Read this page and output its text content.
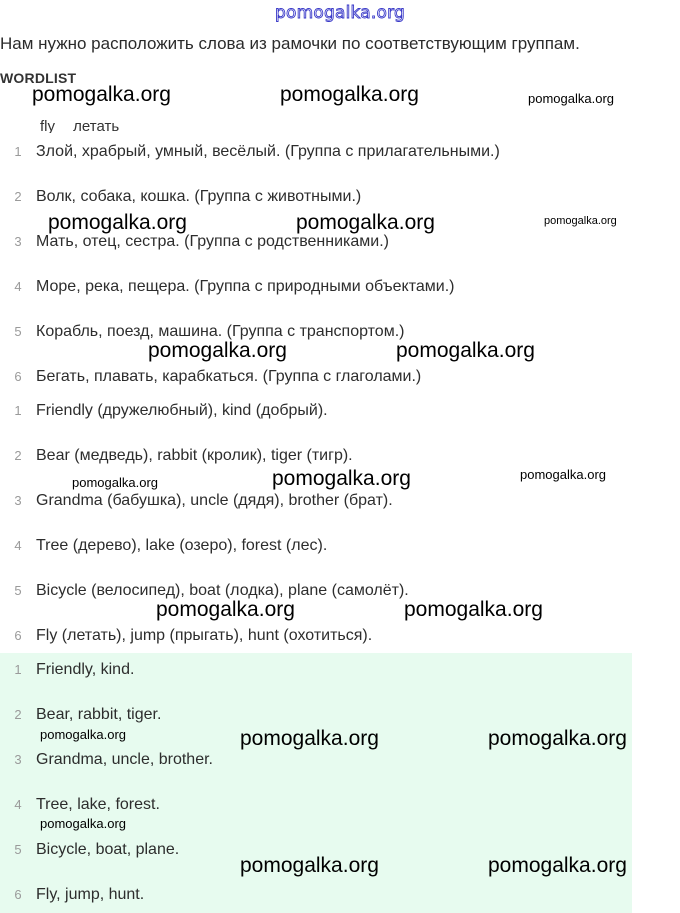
pomogalka.org
Нам нужно расположить слова из рамочки по соответствующим группам.
WORDLIST
fly летать
1 Злой, храбрый, умный, весёлый. (Группа с прилагательными.)
2 Волк, собака, кошка. (Группа с животными.)
3 Мать, отец, сестра. (Группа с родственниками.)
4 Море, река, пещера. (Группа с природными объектами.)
5 Корабль, поезд, машина. (Группа с транспортом.)
6 Бегать, плавать, карабкаться. (Группа с глаголами.)
1 Friendly (дружелюбный), kind (добрый).
2 Bear (медведь), rabbit (кролик), tiger (тигр).
3 Grandma (бабушка), uncle (дядя), brother (брат).
4 Tree (дерево), lake (озеро), forest (лес).
5 Bicycle (велосипед), boat (лодка), plane (самолёт).
6 Fly (летать), jump (прыгать), hunt (охотиться).
1 Friendly, kind.
2 Bear, rabbit, tiger.
3 Grandma, uncle, brother.
4 Tree, lake, forest.
5 Bicycle, boat, plane.
6 Fly, jump, hunt.
pomogalka.org	pomogalka.org	pomogalka.org
pomogalka.org	pomogalka.org	pomogalka.org
pomogalka.org	pomogalka.org
pomogalka.org	pomogalka.org
pomogalka.org
pomogalka.org	pomogalka.org
pomogalka.org	pomogalka.org	pomogalka.org
pomogalka.org
pomogalka.org	pomogalka.org
